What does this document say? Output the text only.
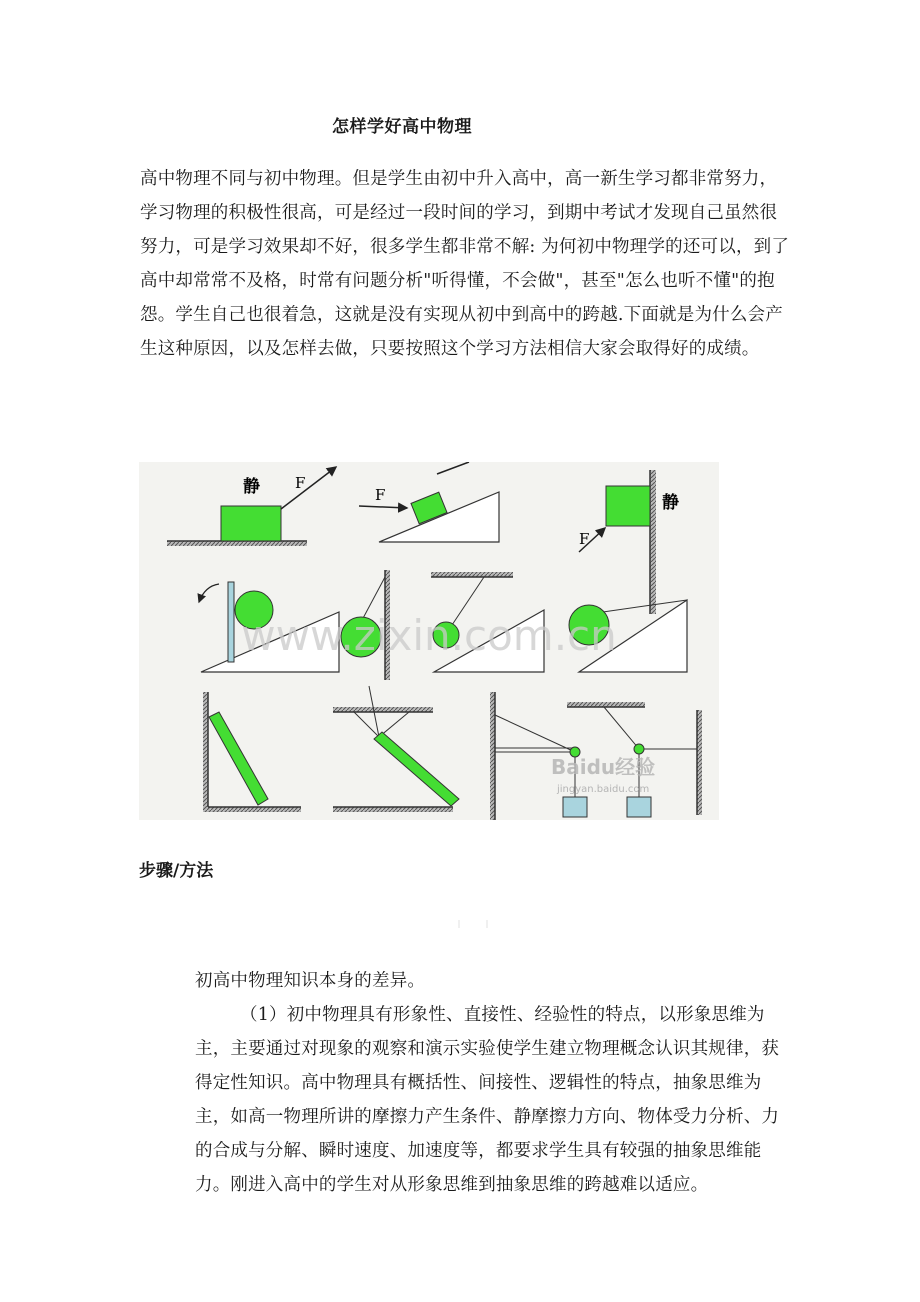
怎样学好高中物理
高中物理不同与初中物理。但是学生由初中升入高中，高一新生学习都非常努力，学习物理的积极性很高，可是经过一段时间的学习，到期中考试才发现自己虽然很努力，可是学习效果却不好，很多学生都非常不解: 为何初中物理学的还可以，到了高中却常常不及格，时常有问题分析"听得懂，不会做"，甚至"怎么也听不懂"的抱怨。学生自己也很着急，这就是没有实现从初中到高中的跨越.下面就是为什么会产生这种原因，以及怎样去做，只要按照这个学习方法相信大家会取得好的成绩。
静 F
F
F
静
www.zixin.com.cn
Baidu经验
jingyan.baidu.com
步骤/方法

初高中物理知识本身的差异。

（1）初中物理具有形象性、直接性、经验性的特点，以形象思维为主，主要通过对现象的观察和演示实验使学生建立物理概念认识其规律，获得定性知识。高中物理具有概括性、间接性、逻辑性的特点，抽象思维为主，如高一物理所讲的摩擦力产生条件、静摩擦力方向、物体受力分析、力的合成与分解、瞬时速度、加速度等，都要求学生具有较强的抽象思维能力。刚进入高中的学生对从形象思维到抽象思维的跨越难以适应。
